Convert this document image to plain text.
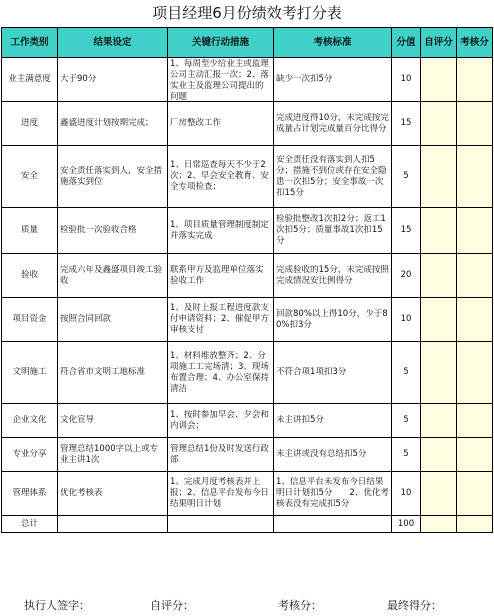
项目经理6月份绩效考打分表
工作类别	结果设定	关键行动措施	考核标准	分值	自评分	考核分

业主满意度	大于90分	1、每周至少给业主或监理公司主动汇报一次；2、落实业主及监理公司提出的问题	缺少一次扣5分	10		

进度	鑫盛进度计划按期完成；	厂房整改工作	完成进度得10分，未完成按完成量占计划完成量百分比得分	15		

安全	安全责任落实到人，安全措施落实到位	1、日常巡查每天不少于2次；2、早会安全教育、安全专项检查；	安全责任没有落实到人扣5分；措施不到位或存在安全隐患一次扣5分；安全事故一次扣15分	5		

质量	检验批一次验收合格	1、项目质量管理制度制定并落实完成	检验批整改1次扣2分；返工1次扣5分；质量事故1次扣15分	15		

验收	完成六年及鑫盛项目竣工验收	联系甲方及监理单位落实验收工作	完成验收的15分，未完成按照完成情况安比例得分	20		

项目资金	按照合同回款	1、及时上报工程进度款支付申请资料；2、催促甲方审核支付	回款80%以上得10分，少于80%扣3分	10		

文明施工	符合省市文明工地标准	1、材料堆放整齐；2、分项施工工完场清；3、现场布置合理；4、办公室保持清洁	不符合项1项扣3分	5		

企业文化	文化宣导	1、按时参加早会、夕会和内训会；	未主讲扣5分	5		

专业分享	管理总结1000字以上或专业主讲1次	管理总结1份及时发送行政部	未主讲或没有总结扣5分	5		

管理体系	优化考核表	1、完成月度考核表并上报；2、信息平台发布今日结果明日计划	1、信息平台未发布今日结果明日计划扣5分　　2、优化考核表没有完成扣5分	10		

总计				100		
执行人签字：	自评分：	考核分：	最终得分：
